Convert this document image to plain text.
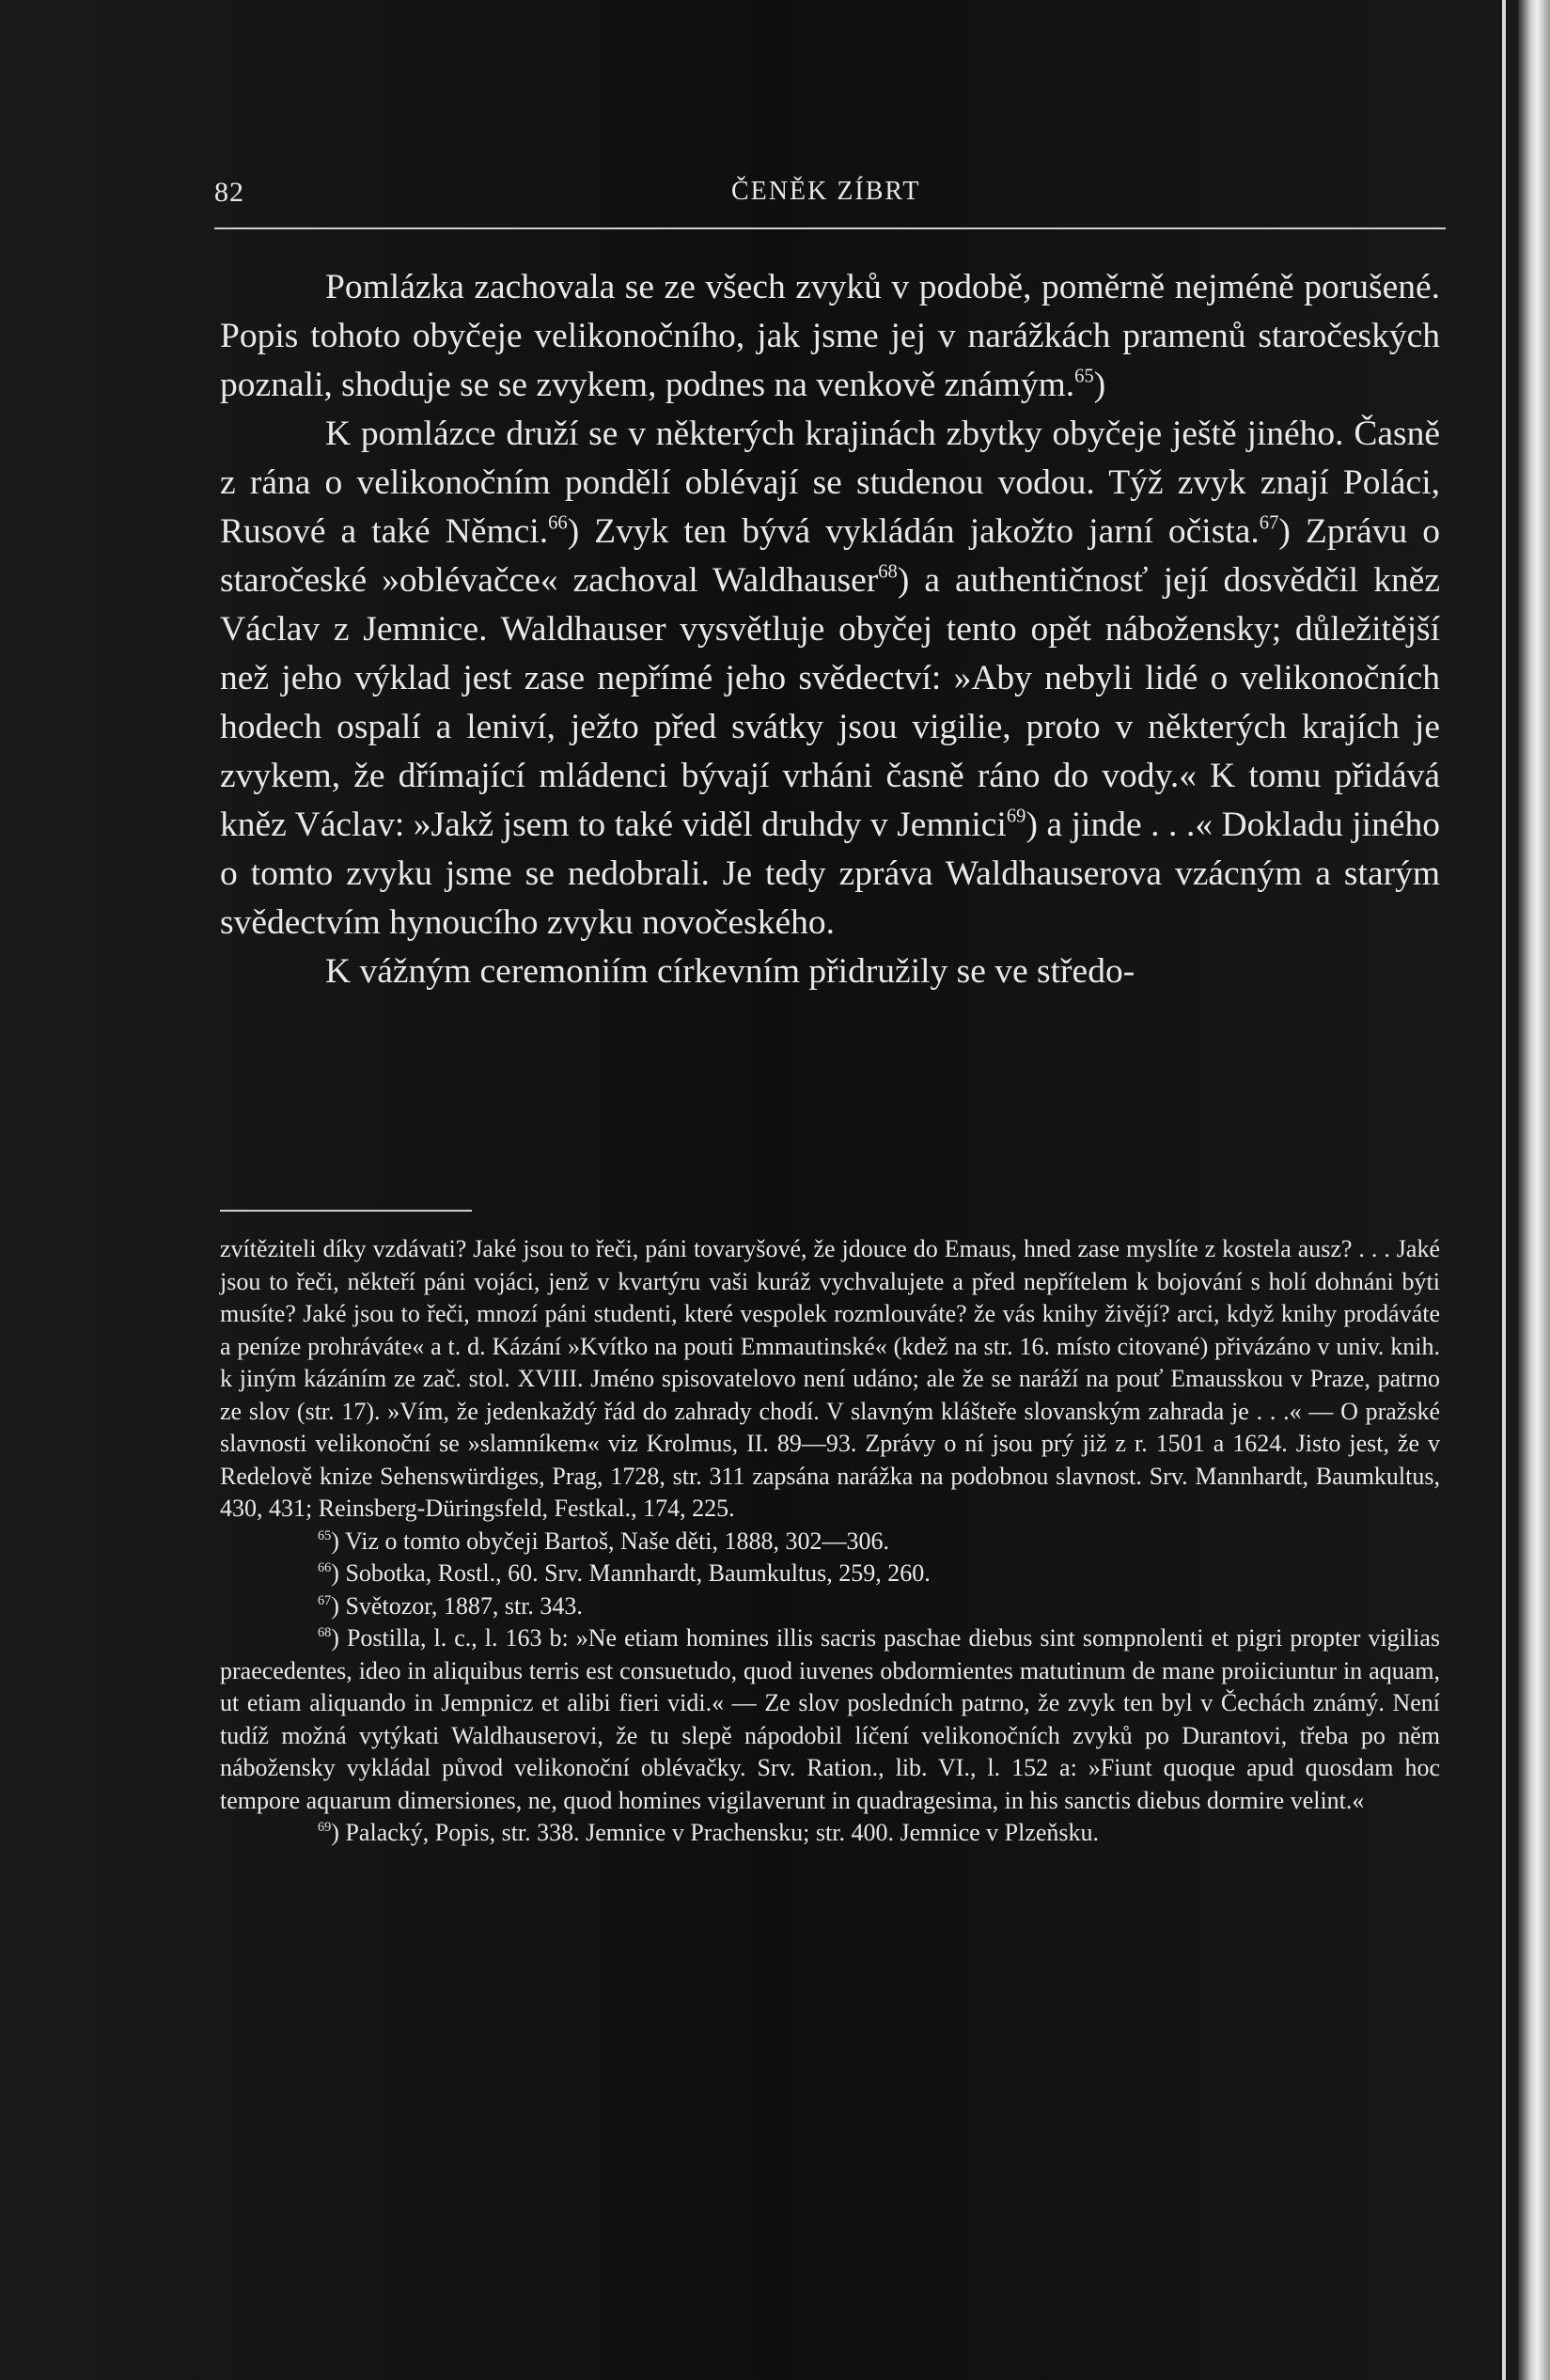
82	ČENĚK ZÍBRT

Pomlázka zachovala se ze všech zvyků v podobě, poměrně nejméně porušené. Popis tohoto obyčeje velikonočního, jak jsme jej v narážkách pramenů staročeských poznali, shoduje se se zvykem, podnes na venkově známým.$^{65}$)

K pomlázce druží se v některých krajinách zbytky obyčeje ještě jiného. Časně z rána o velikonočním pondělí oblévají se studenou vodou. Týž zvyk znají Poláci, Rusové a také Němci.$^{66}$) Zvyk ten bývá vykládán jakožto jarní očista.$^{67}$) Zprávu o staročeské »oblévačce« zachoval Waldhauser$^{68}$) a authentičnosť její dosvědčil kněz Václav z Jemnice. Waldhauser vysvětluje obyčej tento opět nábožensky; důležitější než jeho výklad jest zase nepřímé jeho svědectví: »Aby nebyli lidé o velikonočních hodech ospalí a leniví, ježto před svátky jsou vigilie, proto v některých krajích je zvykem, že dřímající mládenci bývají vrháni časně ráno do vody.« K tomu přidává kněz Václav: »Jakž jsem to také viděl druhdy v Jemnici$^{69}$) a jinde . . .« Dokladu jiného o tomto zvyku jsme se nedobrali. Je tedy zpráva Waldhauserova vzácným a starým svědectvím hynoucího zvyku novočeského.

K vážným ceremoniím církevním přidružily se ve středo-

zvítěziteli díky vzdávati? Jaké jsou to řeči, páni tovaryšové, že jdouce do Emaus, hned zase myslíte z kostela ausz? . . . Jaké jsou to řeči, někteří páni vojáci, jenž v kvartýru vaši kuráž vychvalujete a před nepřítelem k bojování s holí dohnáni býti musíte? Jaké jsou to řeči, mnozí páni studenti, které vespolek rozmlouváte? že vás knihy živějí? arci, když knihy prodáváte a peníze prohráváte« a t. d. Kázání »Kvítko na pouti Emmautinské« (kdež na str. 16. místo citované) přivázáno v univ. knih. k jiným kázáním ze zač. stol. XVIII. Jméno spisovatelovo není udáno; ale že se naráží na pouť Emausskou v Praze, patrno ze slov (str. 17). »Vím, že jedenkaždý řád do zahrady chodí. V slavným klášteře slovanským zahrada je . . .« — O pražské slavnosti velikonoční se »slamníkem« viz Krolmus, II. 89—93. Zprávy o ní jsou prý již z r. 1501 a 1624. Jisto jest, že v Redelově knize Sehenswürdiges, Prag, 1728, str. 311 zapsána narážka na podobnou slavnost. Srv. Mannhardt, Baumkultus, 430, 431; Reinsberg-Düringsfeld, Festkal., 174, 225.

$^{65}$) Viz o tomto obyčeji Bartoš, Naše děti, 1888, 302—306.

$^{66}$) Sobotka, Rostl., 60. Srv. Mannhardt, Baumkultus, 259, 260.

$^{67}$) Světozor, 1887, str. 343.

$^{68}$) Postilla, l. c., l. 163 b: »Ne etiam homines illis sacris paschae diebus sint sompnolenti et pigri propter vigilias praecedentes, ideo in aliquibus terris est consuetudo, quod iuvenes obdormientes matutinum de mane proiiciuntur in aquam, ut etiam aliquando in Jempnicz et alibi fieri vidi.« — Ze slov posledních patrno, že zvyk ten byl v Čechách známý. Není tudíž možná vytýkati Waldhauserovi, že tu slepě nápodobil líčení velikonočních zvyků po Durantovi, třeba po něm nábožensky vykládal původ velikonoční oblévačky. Srv. Ration., lib. VI., l. 152 a: »Fiunt quoque apud quosdam hoc tempore aquarum dimersiones, ne, quod homines vigilaverunt in quadragesima, in his sanctis diebus dormire velint.«

$^{69}$) Palacký, Popis, str. 338. Jemnice v Prachensku; str. 400. Jemnice v Plzeňsku.
